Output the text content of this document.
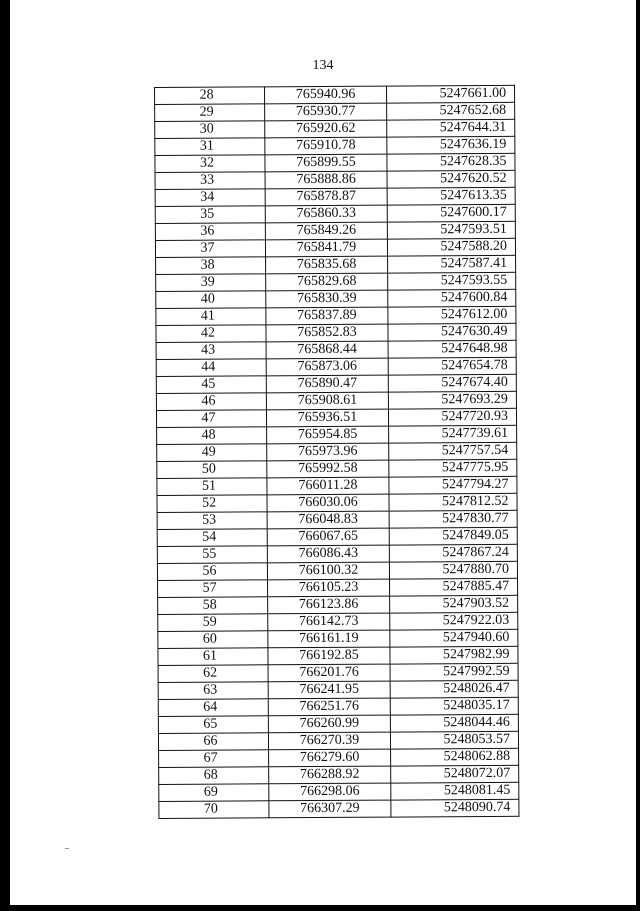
134
28	765940.96	5247661.00
29	765930.77	5247652.68
30	765920.62	5247644.31
31	765910.78	5247636.19
32	765899.55	5247628.35
33	765888.86	5247620.52
34	765878.87	5247613.35
35	765860.33	5247600.17
36	765849.26	5247593.51
37	765841.79	5247588.20
38	765835.68	5247587.41
39	765829.68	5247593.55
40	765830.39	5247600.84
41	765837.89	5247612.00
42	765852.83	5247630.49
43	765868.44	5247648.98
44	765873.06	5247654.78
45	765890.47	5247674.40
46	765908.61	5247693.29
47	765936.51	5247720.93
48	765954.85	5247739.61
49	765973.96	5247757.54
50	765992.58	5247775.95
51	766011.28	5247794.27
52	766030.06	5247812.52
53	766048.83	5247830.77
54	766067.65	5247849.05
55	766086.43	5247867.24
56	766100.32	5247880.70
57	766105.23	5247885.47
58	766123.86	5247903.52
59	766142.73	5247922.03
60	766161.19	5247940.60
61	766192.85	5247982.99
62	766201.76	5247992.59
63	766241.95	5248026.47
64	766251.76	5248035.17
65	766260.99	5248044.46
66	766270.39	5248053.57
67	766279.60	5248062.88
68	766288.92	5248072.07
69	766298.06	5248081.45
70	766307.29	5248090.74
